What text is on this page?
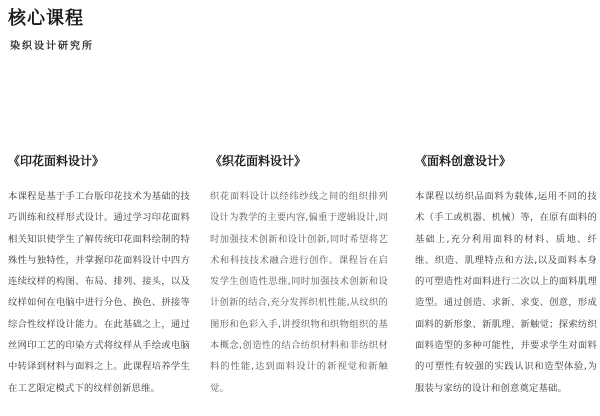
核心课程
染织设计研究所
《印花面料设计》
本课程是基于手工台版印花技术为基础的技巧训练和纹样形式设计。通过学习印花面料相关知识使学生了解传统印花面料绘制的特殊性与独特性，并掌握印花面料设计中四方连续纹样的构图、布局、排列、接头，以及纹样如何在电脑中进行分色、换色、拼接等综合性纹样设计能力。在此基础之上，通过丝网印工艺的印染方式将纹样从手绘或电脑中转译到材料与面料之上。此课程培养学生在工艺限定模式下的纹样创新思维。
《织花面料设计》
织花面料设计以经纬纱线之间的组织排列设计为教学的主要内容,偏重于逻辑设计,同时加强技术创新和设计创新,同时希望将艺术和科技技术融合进行创作。课程旨在启发学生创造性思维,同时加强技术创新和设计创新的结合,充分发挥织机性能,从纹织的图形和色彩入手,讲授织物和织物组织的基本概念,创造性的结合纺织材料和非纺织材料的性能,达到面料设计的新视觉和新触觉。
《面料创意设计》
本课程以纺织品面料为载体,运用不同的技术（手工或机器、机械）等，在原有面料的基础上,充分利用面料的材料、质地、纤维、织造、肌理特点和方法,以及面料本身的可塑造性对面料进行二次以上的面料肌理造型。通过创造、求新、求变、创意，形成面料的新形象、新肌理、新触觉；探索纺织面料造型的多种可能性，并要求学生对面料的可塑性有较强的实践认识和造型体验,为服装与家纺的设计和创意奠定基础。
